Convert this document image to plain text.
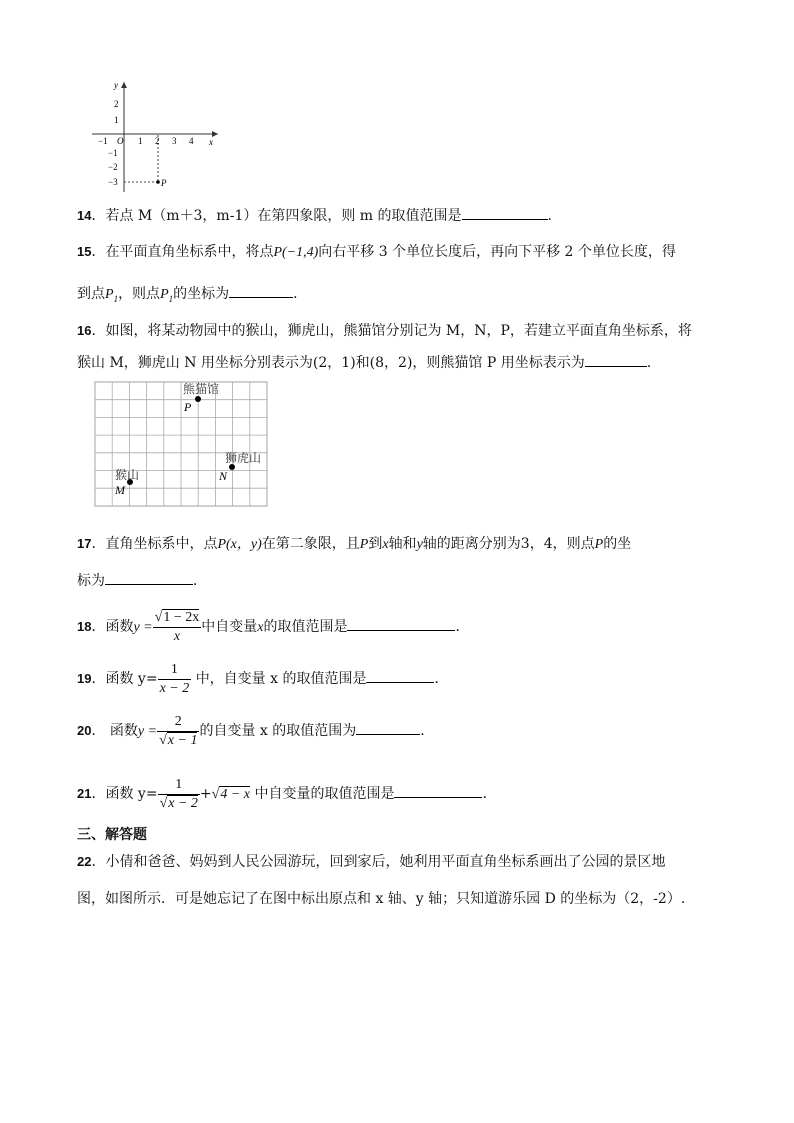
y
x
O
−1	1 2 3 4
2
1
−1
−2
−3	P
14．若点 M（m＋3，m-1）在第四象限，则 m 的取值范围是	.
15．在平面直角坐标系中，将点P(−1,4)向右平移 3 个单位长度后，再向下平移 2 个单位长度，得
到点$P_1$，则点$P_1$的坐标为	．
16．如图，将某动物园中的猴山，狮虎山，熊猫馆分别记为 M，N，P，若建立平面直角坐标系，将
猴山 M，狮虎山 N 用坐标分别表示为(2，1)和(8，2)，则熊猫馆 P 用坐标表示为	.
熊猫馆
P
狮虎山
N
猴山
M
17．直角坐标系中，点P(x，y)在第二象限，且P到x轴和y轴的距离分别为3，4，则点P的坐
标为	．
18．函数$y = \frac{√1 - 2x}{x}$ 中自变量x的取值范围是	．
19．函数 $y= \frac{1}{x - 2}$ 中，自变量 x 的取值范围是	．
20． 函数$y = \frac{2}{√x - 1}$ 的自变量 x 的取值范围为	.
21．函数 $y= \frac{1}{√x - 2} +√4 - x$ 中自变量的取值范围是	.
三、解答题
22．小倩和爸爸、妈妈到人民公园游玩，回到家后，她利用平面直角坐标系画出了公园的景区地
图，如图所示．可是她忘记了在图中标出原点和 x 轴、y 轴；只知道游乐园 D 的坐标为（2，-2）.
